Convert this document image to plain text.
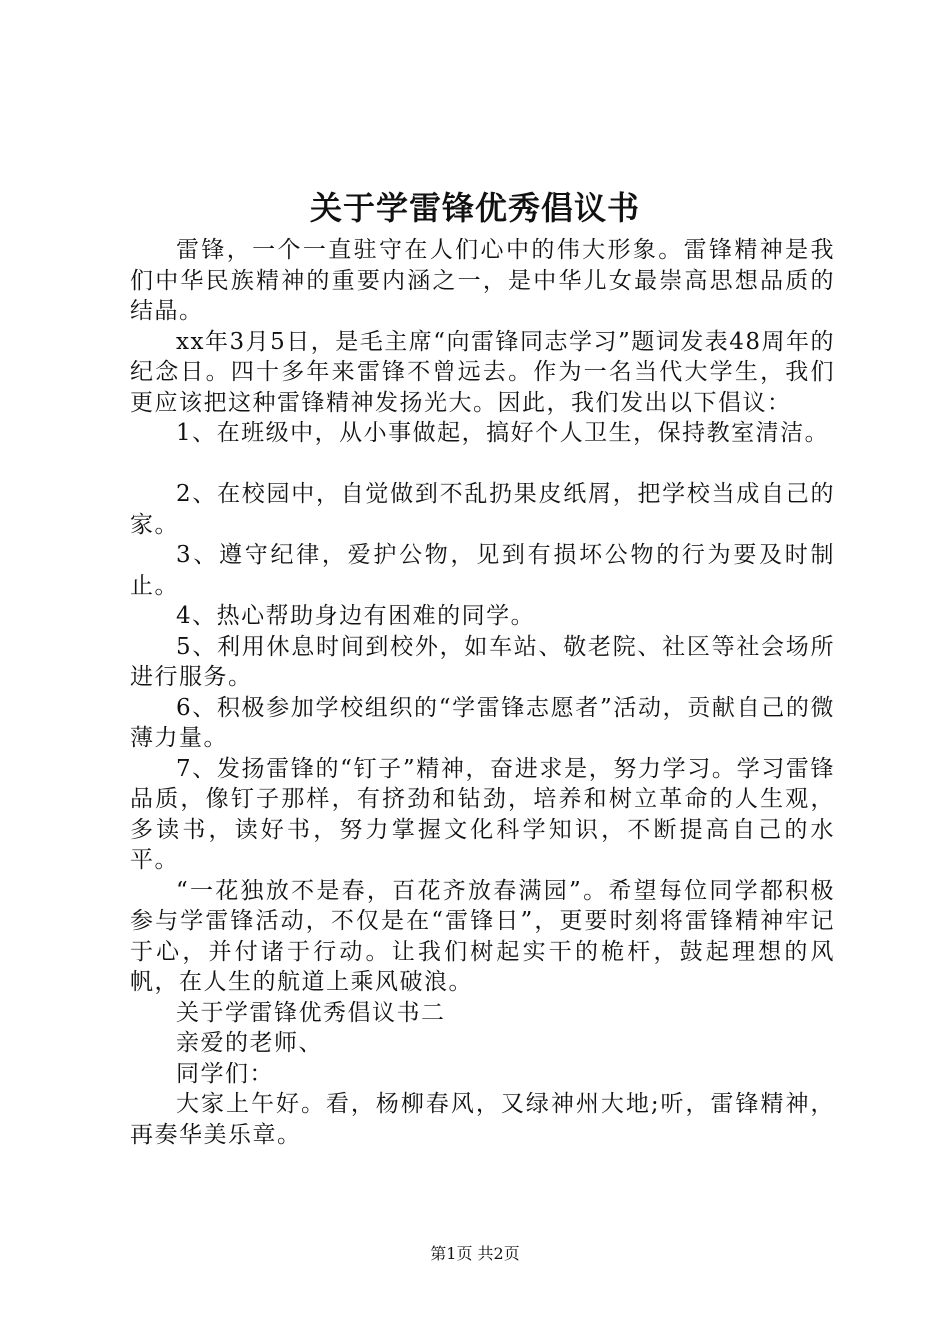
关于学雷锋优秀倡议书

雷锋，一个一直驻守在人们心中的伟大形象。雷锋精神是我们中华民族精神的重要内涵之一，是中华儿女最崇高思想品质的结晶。

xx年3月5日，是毛主席“向雷锋同志学习”题词发表48周年的纪念日。四十多年来雷锋不曾远去。作为一名当代大学生，我们更应该把这种雷锋精神发扬光大。因此，我们发出以下倡议：

1、在班级中，从小事做起，搞好个人卫生，保持教室清洁。

2、在校园中，自觉做到不乱扔果皮纸屑，把学校当成自己的家。

3、遵守纪律，爱护公物，见到有损坏公物的行为要及时制止。

4、热心帮助身边有困难的同学。

5、利用休息时间到校外，如车站、敬老院、社区等社会场所进行服务。

6、积极参加学校组织的“学雷锋志愿者”活动，贡献自己的微薄力量。

7、发扬雷锋的“钉子”精神，奋进求是，努力学习。学习雷锋品质，像钉子那样，有挤劲和钻劲，培养和树立革命的人生观，多读书，读好书，努力掌握文化科学知识，不断提高自己的水平。

“一花独放不是春，百花齐放春满园”。希望每位同学都积极参与学雷锋活动，不仅是在“雷锋日”，更要时刻将雷锋精神牢记于心，并付诸于行动。让我们树起实干的桅杆，鼓起理想的风帆，在人生的航道上乘风破浪。

关于学雷锋优秀倡议书二

亲爱的老师、

同学们：

大家上午好。看，杨柳春风，又绿神州大地;听，雷锋精神，再奏华美乐章。

第1页 共2页
